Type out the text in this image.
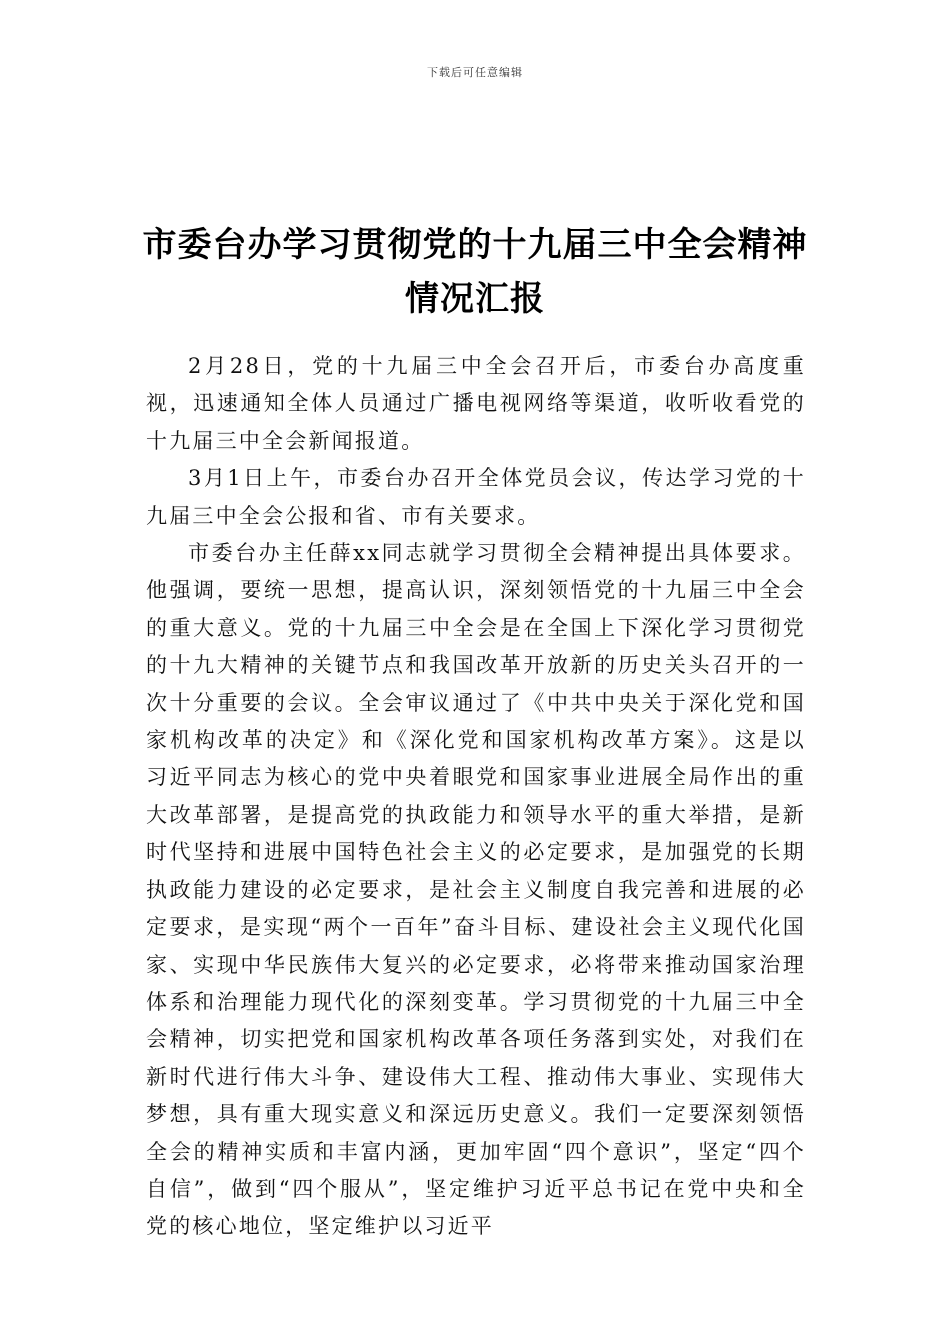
下载后可任意编辑
市委台办学习贯彻党的十九届三中全会精神情况汇报

2月28日，党的十九届三中全会召开后，市委台办高度重视，迅速通知全体人员通过广播电视网络等渠道，收听收看党的十九届三中全会新闻报道。

3月1日上午，市委台办召开全体党员会议，传达学习党的十九届三中全会公报和省、市有关要求。

市委台办主任薛xx同志就学习贯彻全会精神提出具体要求。他强调，要统一思想，提高认识，深刻领悟党的十九届三中全会的重大意义。党的十九届三中全会是在全国上下深化学习贯彻党的十九大精神的关键节点和我国改革开放新的历史关头召开的一次十分重要的会议。全会审议通过了《中共中央关于深化党和国家机构改革的决定》和《深化党和国家机构改革方案》。这是以习近平同志为核心的党中央着眼党和国家事业进展全局作出的重大改革部署，是提高党的执政能力和领导水平的重大举措，是新时代坚持和进展中国特色社会主义的必定要求，是加强党的长期执政能力建设的必定要求，是社会主义制度自我完善和进展的必定要求，是实现“两个一百年”奋斗目标、建设社会主义现代化国家、实现中华民族伟大复兴的必定要求，必将带来推动国家治理体系和治理能力现代化的深刻变革。学习贯彻党的十九届三中全会精神，切实把党和国家机构改革各项任务落到实处，对我们在新时代进行伟大斗争、建设伟大工程、推动伟大事业、实现伟大梦想，具有重大现实意义和深远历史意义。我们一定要深刻领悟全会的精神实质和丰富内涵，更加牢固“四个意识”，坚定“四个自信”，做到“四个服从”，坚定维护习近平总书记在党中央和全党的核心地位，坚定维护以习近平
